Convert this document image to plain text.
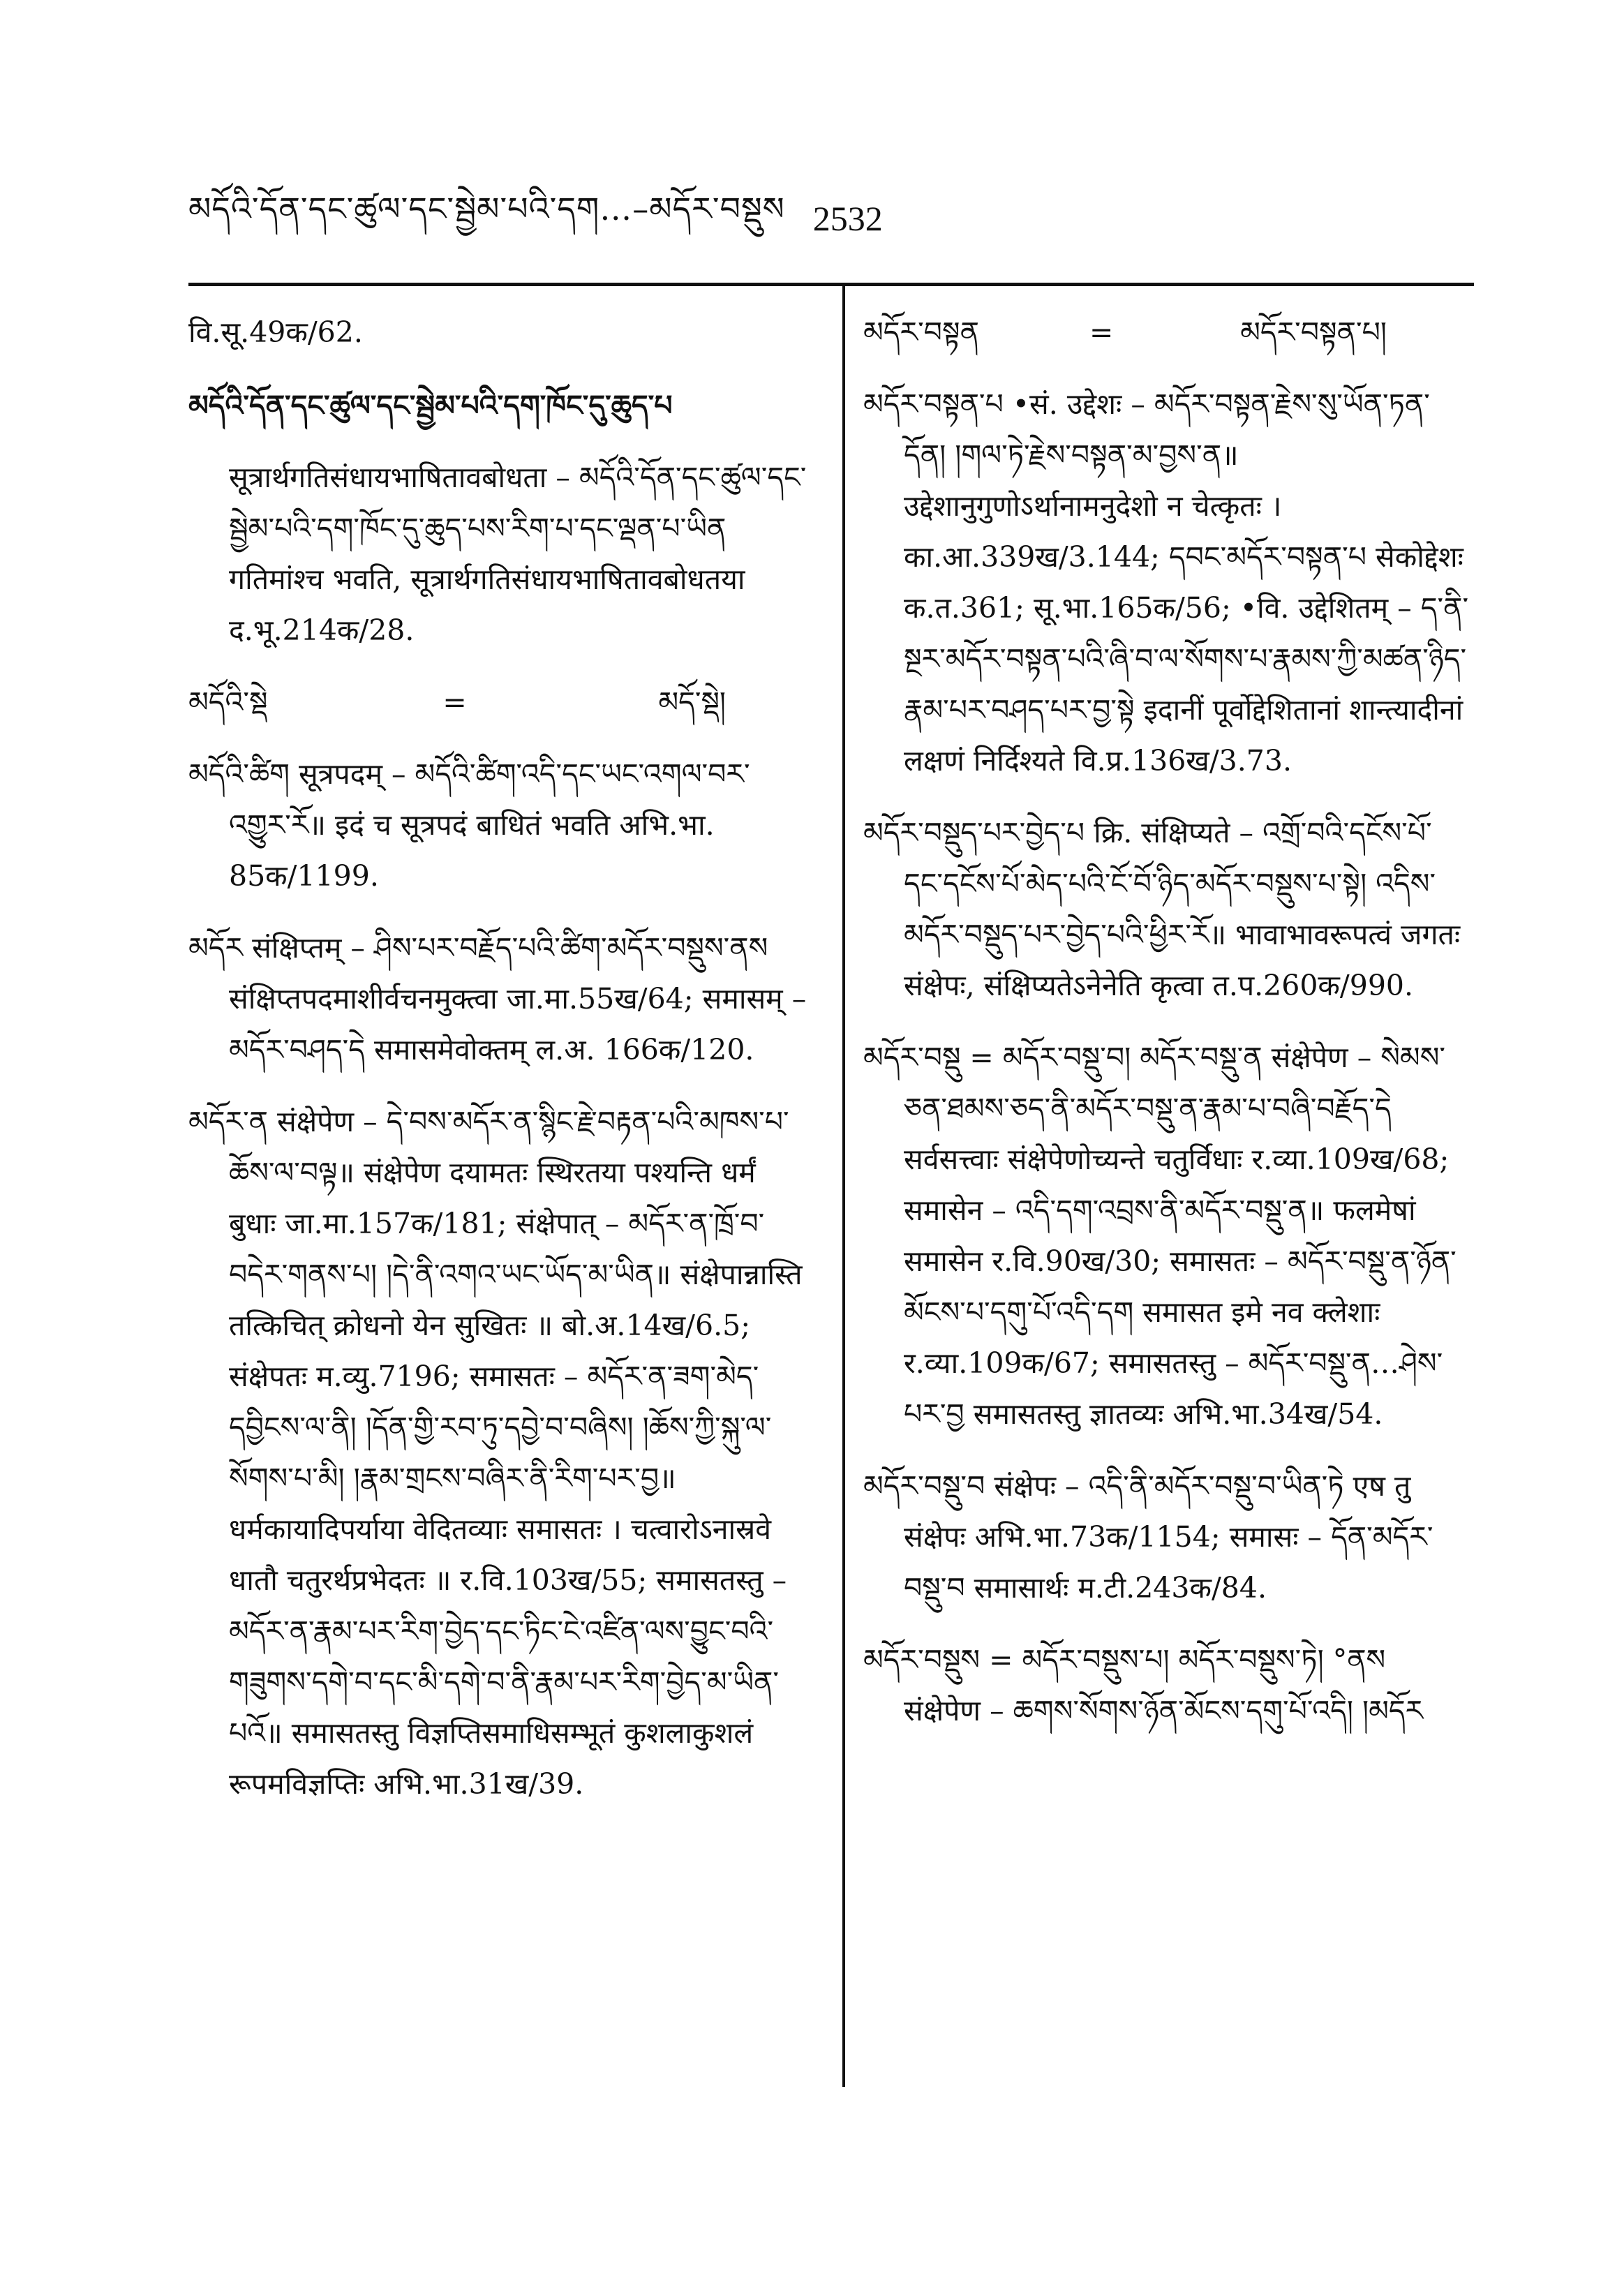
མདོའི་དོན་དང་ཚུལ་དང་སྦྱེམ་པའི་དག…–མདོར་བསྡུས 2532

वि.सू.49क/62.

མདོའི་དོན་དང་ཚུལ་དང་སྦྱེམ་པའི་དག་ཁོང་དུ་ཆུད་པ

सूत्रार्थगतिसंधायभाषितावबोधता – མདོའི་དོན་དང་ཚུལ་དང་སྦྱེམ་པའི་དག་ཁོང་དུ་ཆུད་པས་རིག་པ་དང་ལྡན་པ་ཡིན गतिमांश्च भवति, सूत्रार्थगतिसंधायभाषितावबोधतया द.भू.214क/28.

མདོའི་སྡེ	=	མདོ་སྡེ།

མདོའི་ཚིག सूत्रपदम् – མདོའི་ཚིག་འདི་དང་ཡང་འགལ་བར་འགྱུར་རོ॥ इदं च सूत्रपदं बाधितं भवति अभि.भा. 85क/1199.

མདོར संक्षिप्तम् – ཤིས་པར་བརྗོད་པའི་ཚིག་མདོར་བསྡུས་ནས संक्षिप्तपदमाशीर्वचनमुक्त्वा जा.मा.55ख/64; समासम् – མདོར་བཤད་དེ समासमेवोक्तम् ल.अ. 166क/120.

མདོར་ན संक्षेपेण – དེ་བས་མདོར་ན་སྙིང་རྗེ་བརྟན་པའི་མཁས་པ་ཆོས་ལ་བལྟ॥ संक्षेपेण दयामतः स्थिरतया पश्यन्ति धर्मं बुधाः जा.मा.157क/181; संक्षेपात् – མདོར་ན་ཁྲོ་བ་བདེར་གནས་པ། །དེ་ནི་འགའ་ཡང་ཡོད་མ་ཡིན॥ संक्षेपान्नास्ति तत्किचित् क्रोधनो येन सुखितः ॥ बो.अ.14ख/6.5; संक्षेपतः म.व्यु.7196; समासतः – མདོར་ན་ཟག་མེད་དབྱིངས་ལ་ནི། །དོན་གྱི་རབ་ཏུ་དབྱེ་བ་བཞིས། །ཆོས་ཀྱི་སྐུ་ལ་སོགས་པ་མི། །རྣམ་གྲངས་བཞིར་ནི་རིག་པར་བྱ॥ धर्मकायादिपर्याया वेदितव्याः समासतः । चत्वारोऽनास्रवे धातौ चतुरर्थप्रभेदतः ॥ र.वि.103ख/55; समासतस्तु – མདོར་ན་རྣམ་པར་རིག་བྱེད་དང་ཏིང་ངེ་འཛིན་ལས་བྱུང་བའི་གཟུགས་དགེ་བ་དང་མི་དགེ་བ་ནི་རྣམ་པར་རིག་བྱེད་མ་ཡིན་པའོ॥ समासतस्तु विज्ञप्तिसमाधिसम्भूतं कुशलाकुशलं रूपमविज्ञप्तिः अभि.भा.31ख/39.

མདོར་བསྟན	=	མདོར་བསྟན་པ།

མདོར་བསྟན་པ •सं. उद्देशः – མདོར་བསྟན་རྗེས་སུ་ཡོན་ཏན་དོན། །གལ་ཏེ་རྗེས་བསྟན་མ་བྱས་ན॥ उद्देशानुगुणोऽर्थानामनुदेशो न चेत्कृतः । का.आ.339ख/3.144; དབང་མདོར་བསྟན་པ सेकोद्देशः क.त.361; सू.भा.165क/56; •वि. उद्देशितम् – ད་ནི་སྔར་མདོར་བསྟན་པའི་ཞི་བ་ལ་སོགས་པ་རྣམས་ཀྱི་མཚན་ཉིད་རྣམ་པར་བཤད་པར་བྱ་སྟེ इदानीं पूर्वोद्देशितानां शान्त्यादीनां लक्षणं निर्दिश्यते वि.प्र.136ख/3.73.

མདོར་བསྡུད་པར་བྱེད་པ क्रि. संक्षिप्यते – འགྲོ་བའི་དངོས་པོ་དང་དངོས་པོ་མེད་པའི་ངོ་བོ་ཉིད་མདོར་བསྡུས་པ་སྟེ། འདིས་མདོར་བསྡུད་པར་བྱེད་པའི་ཕྱིར་རོ॥ भावाभावरूपत्वं जगतः संक्षेपः, संक्षिप्यतेऽनेनेति कृत्वा त.प.260क/990.

མདོར་བསྡུ = མདོར་བསྡུ་བ། མདོར་བསྡུ་ན संक्षेपेण – སེམས་ཅན་ཐམས་ཅད་ནི་མདོར་བསྡུ་ན་རྣམ་པ་བཞི་བརྗོད་དེ सर्वसत्त्वाः संक्षेपेणोच्यन्ते चतुर्विधाः र.व्या.109ख/68; समासेन – འདི་དག་འབྲས་ནི་མདོར་བསྡུ་ན॥ फलमेषां समासेन र.वि.90ख/30; समासतः – མདོར་བསྡུ་ན་ཉོན་མོངས་པ་དགུ་པོ་འདི་དག समासत इमे नव क्लेशाः र.व्या.109क/67; समासतस्तु – མདོར་བསྡུ་ན…ཤེས་པར་བྱ समासतस्तु ज्ञातव्यः अभि.भा.34ख/54.

མདོར་བསྡུ་བ संक्षेपः – འདི་ནི་མདོར་བསྡུ་བ་ཡིན་ཏེ एष तु संक्षेपः अभि.भा.73क/1154; समासः – དོན་མདོར་བསྡུ་བ समासार्थः म.टी.243क/84.

མདོར་བསྡུས = མདོར་བསྡུས་པ། མདོར་བསྡུས་ཏེ། °ནས संक्षेपेण – ཆགས་སོགས་ཉོན་མོངས་དགུ་པོ་འདི། །མདོར
